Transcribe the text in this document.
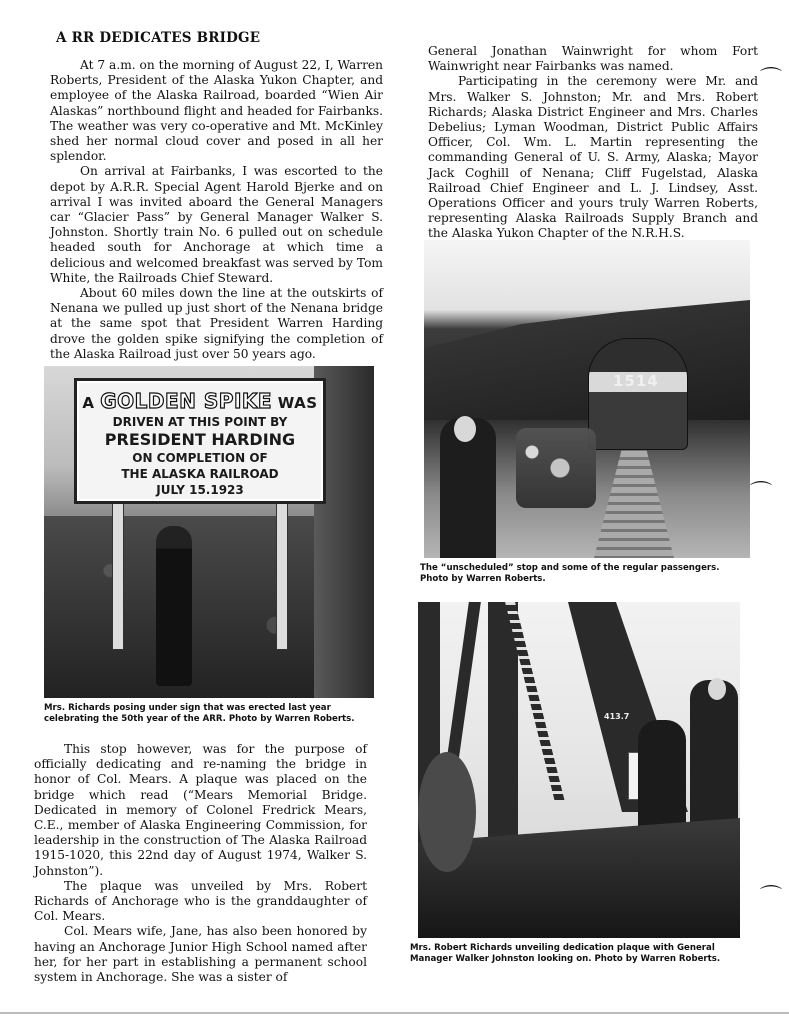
A RR DEDICATES BRIDGE

At 7 a.m. on the morning of August 22, I, Warren Roberts, President of the Alaska Yukon Chapter, and employee of the Alaska Railroad, boarded “Wien Air Alaskas” northbound flight and headed for Fairbanks. The weather was very co-operative and Mt. McKinley shed her normal cloud cover and posed in all her splendor.

On arrival at Fairbanks, I was escorted to the depot by A.R.R. Special Agent Harold Bjerke and on arrival I was invited aboard the General Managers car “Glacier Pass” by General Manager Walker S. Johnston. Shortly train No. 6 pulled out on schedule headed south for Anchorage at which time a delicious and welcomed breakfast was served by Tom White, the Railroads Chief Steward.

About 60 miles down the line at the outskirts of Nenana we pulled up just short of the Nenana bridge at the same spot that President Warren Harding drove the golden spike signifying the completion of the Alaska Railroad just over 50 years ago.

A GOLDEN SPIKE WAS
DRIVEN AT THIS POINT BY
PRESIDENT HARDING
ON COMPLETION OF
THE ALASKA RAILROAD
JULY 15.1923
Mrs. Richards posing under sign that was erected last year celebrating the 50th year of the ARR. Photo by Warren Roberts.

This stop however, was for the purpose of officially dedicating and re-naming the bridge in honor of Col. Mears. A plaque was placed on the bridge which read (“Mears Memorial Bridge. Dedicated in memory of Colonel Fredrick Mears, C.E., member of Alaska Engineering Commission, for leadership in the construction of The Alaska Railroad 1915-1020, this 22nd day of August 1974, Walker S. Johnston”).

The plaque was unveiled by Mrs. Robert Richards of Anchorage who is the granddaughter of Col. Mears.

Col. Mears wife, Jane, has also been honored by having an Anchorage Junior High School named after her, for her part in establishing a permanent school system in Anchorage. She was a sister of

General Jonathan Wainwright for whom Fort Wainwright near Fairbanks was named.

Participating in the ceremony were Mr. and Mrs. Walker S. Johnston; Mr. and Mrs. Robert Richards; Alaska District Engineer and Mrs. Charles Debelius; Lyman Woodman, District Public Affairs Officer, Col. Wm. L. Martin representing the commanding General of U. S. Army, Alaska; Mayor Jack Coghill of Nenana; Cliff Fugelstad, Alaska Railroad Chief Engineer and L. J. Lindsey, Asst. Operations Officer and yours truly Warren Roberts, representing Alaska Railroads Supply Branch and the Alaska Yukon Chapter of the N.R.H.S.

1514
The “unscheduled” stop and some of the regular passengers. Photo by Warren Roberts.
413.7
Mrs. Robert Richards unveiling dedication plaque with General Manager Walker Johnston looking on. Photo by Warren Roberts.
⌒
⌒
⌒
